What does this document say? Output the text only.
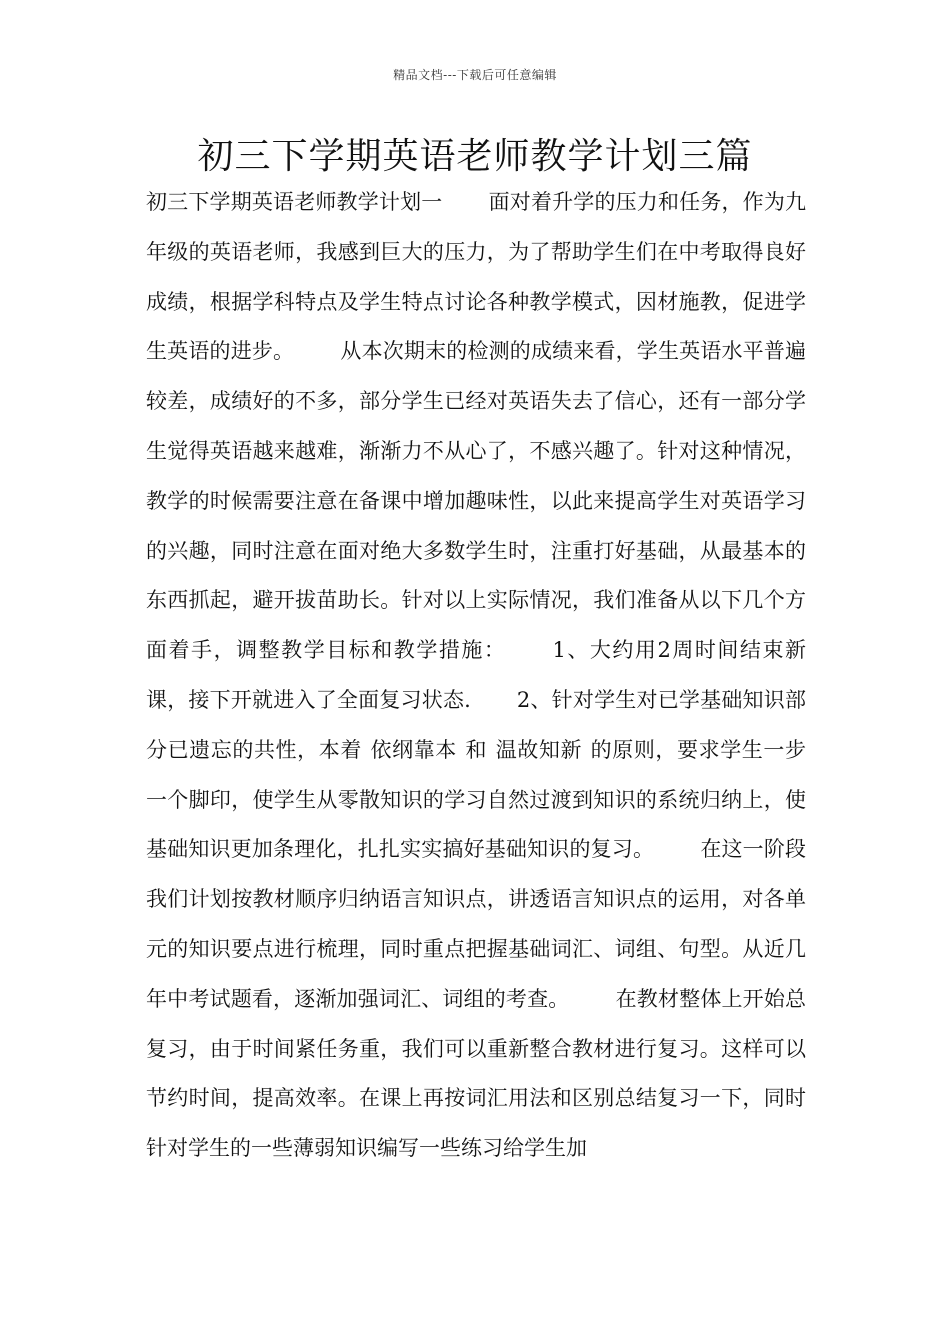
精品文档---下载后可任意编辑
初三下学期英语老师教学计划三篇

初三下学期英语老师教学计划一 面对着升学的压力和任务，作为九年级的英语老师，我感到巨大的压力，为了帮助学生们在中考取得良好成绩，根据学科特点及学生特点讨论各种教学模式，因材施教，促进学生英语的进步。 从本次期末的检测的成绩来看，学生英语水平普遍较差，成绩好的不多，部分学生已经对英语失去了信心，还有一部分学生觉得英语越来越难，渐渐力不从心了，不感兴趣了。针对这种情况，教学的时候需要注意在备课中增加趣味性，以此来提高学生对英语学习的兴趣，同时注意在面对绝大多数学生时，注重打好基础，从最基本的东西抓起，避开拔苗助长。针对以上实际情况，我们准备从以下几个方面着手，调整教学目标和教学措施： 1、大约用2周时间结束新课，接下开就进入了全面复习状态. 2、针对学生对已学基础知识部分已遗忘的共性，本着 依纲靠本 和 温故知新 的原则，要求学生一步一个脚印，使学生从零散知识的学习自然过渡到知识的系统归纳上，使基础知识更加条理化，扎扎实实搞好基础知识的复习。 在这一阶段我们计划按教材顺序归纳语言知识点，讲透语言知识点的运用，对各单元的知识要点进行梳理，同时重点把握基础词汇、词组、句型。从近几年中考试题看，逐渐加强词汇、词组的考查。 在教材整体上开始总复习，由于时间紧任务重，我们可以重新整合教材进行复习。这样可以节约时间，提高效率。在课上再按词汇用法和区别总结复习一下，同时针对学生的一些薄弱知识编写一些练习给学生加
